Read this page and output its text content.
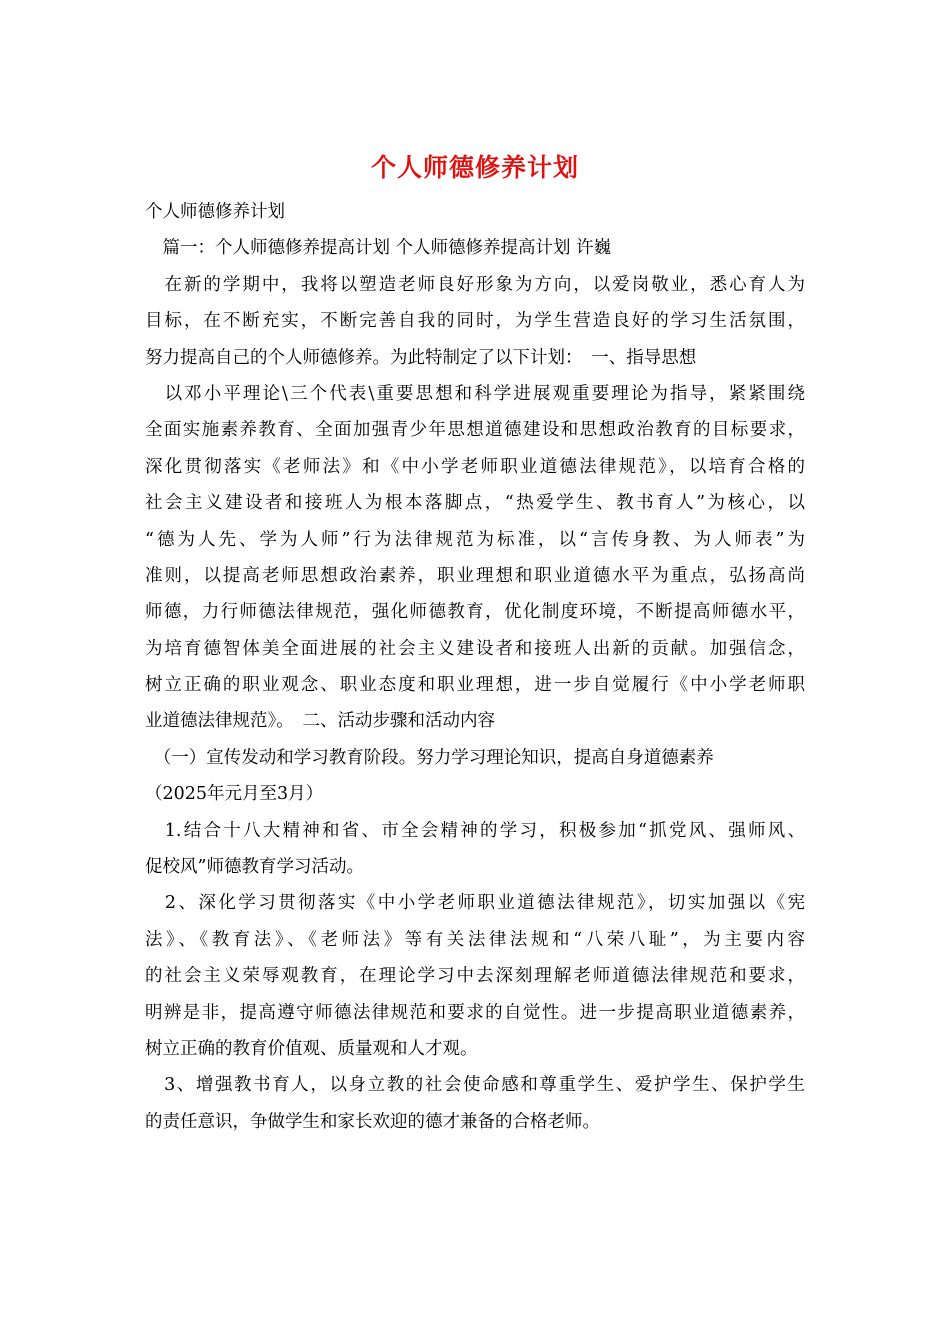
个人师德修养计划
个人师德修养计划
　篇一：个人师德修养提高计划 个人师德修养提高计划 许巍
　在新的学期中，我将以塑造老师良好形象为方向，以爱岗敬业，悉心育人为
目标，在不断充实，不断完善自我的同时，为学生营造良好的学习生活氛围，
努力提高自己的个人师德修养。为此特制定了以下计划：　一、指导思想
　以邓小平理论\三个代表\重要思想和科学进展观重要理论为指导，紧紧围绕
全面实施素养教育、全面加强青少年思想道德建设和思想政治教育的目标要求，
深化贯彻落实《老师法》和《中小学老师职业道德法律规范》，以培育合格的
社会主义建设者和接班人为根本落脚点，“热爱学生、教书育人”为核心，以
“德为人先、学为人师”行为法律规范为标准，以“言传身教、为人师表”为
准则，以提高老师思想政治素养，职业理想和职业道德水平为重点，弘扬高尚
师德，力行师德法律规范，强化师德教育，优化制度环境，不断提高师德水平，
为培育德智体美全面进展的社会主义建设者和接班人出新的贡献。加强信念，
树立正确的职业观念、职业态度和职业理想，进一步自觉履行《中小学老师职
业道德法律规范》。　二、活动步骤和活动内容
　（一）宣传发动和学习教育阶段。努力学习理论知识，提高自身道德素养
（2025年元月至3月）
　1.结合十八大精神和省、市全会精神的学习，积极参加“抓党风、强师风、
促校风”师德教育学习活动。
　2、深化学习贯彻落实《中小学老师职业道德法律规范》，切实加强以《宪
法》、《教育法》、《老师法》等有关法律法规和“八荣八耻”，为主要内容
的社会主义荣辱观教育，在理论学习中去深刻理解老师道德法律规范和要求，
明辨是非，提高遵守师德法律规范和要求的自觉性。进一步提高职业道德素养，
树立正确的教育价值观、质量观和人才观。
　3、增强教书育人，以身立教的社会使命感和尊重学生、爱护学生、保护学生
的责任意识，争做学生和家长欢迎的德才兼备的合格老师。
